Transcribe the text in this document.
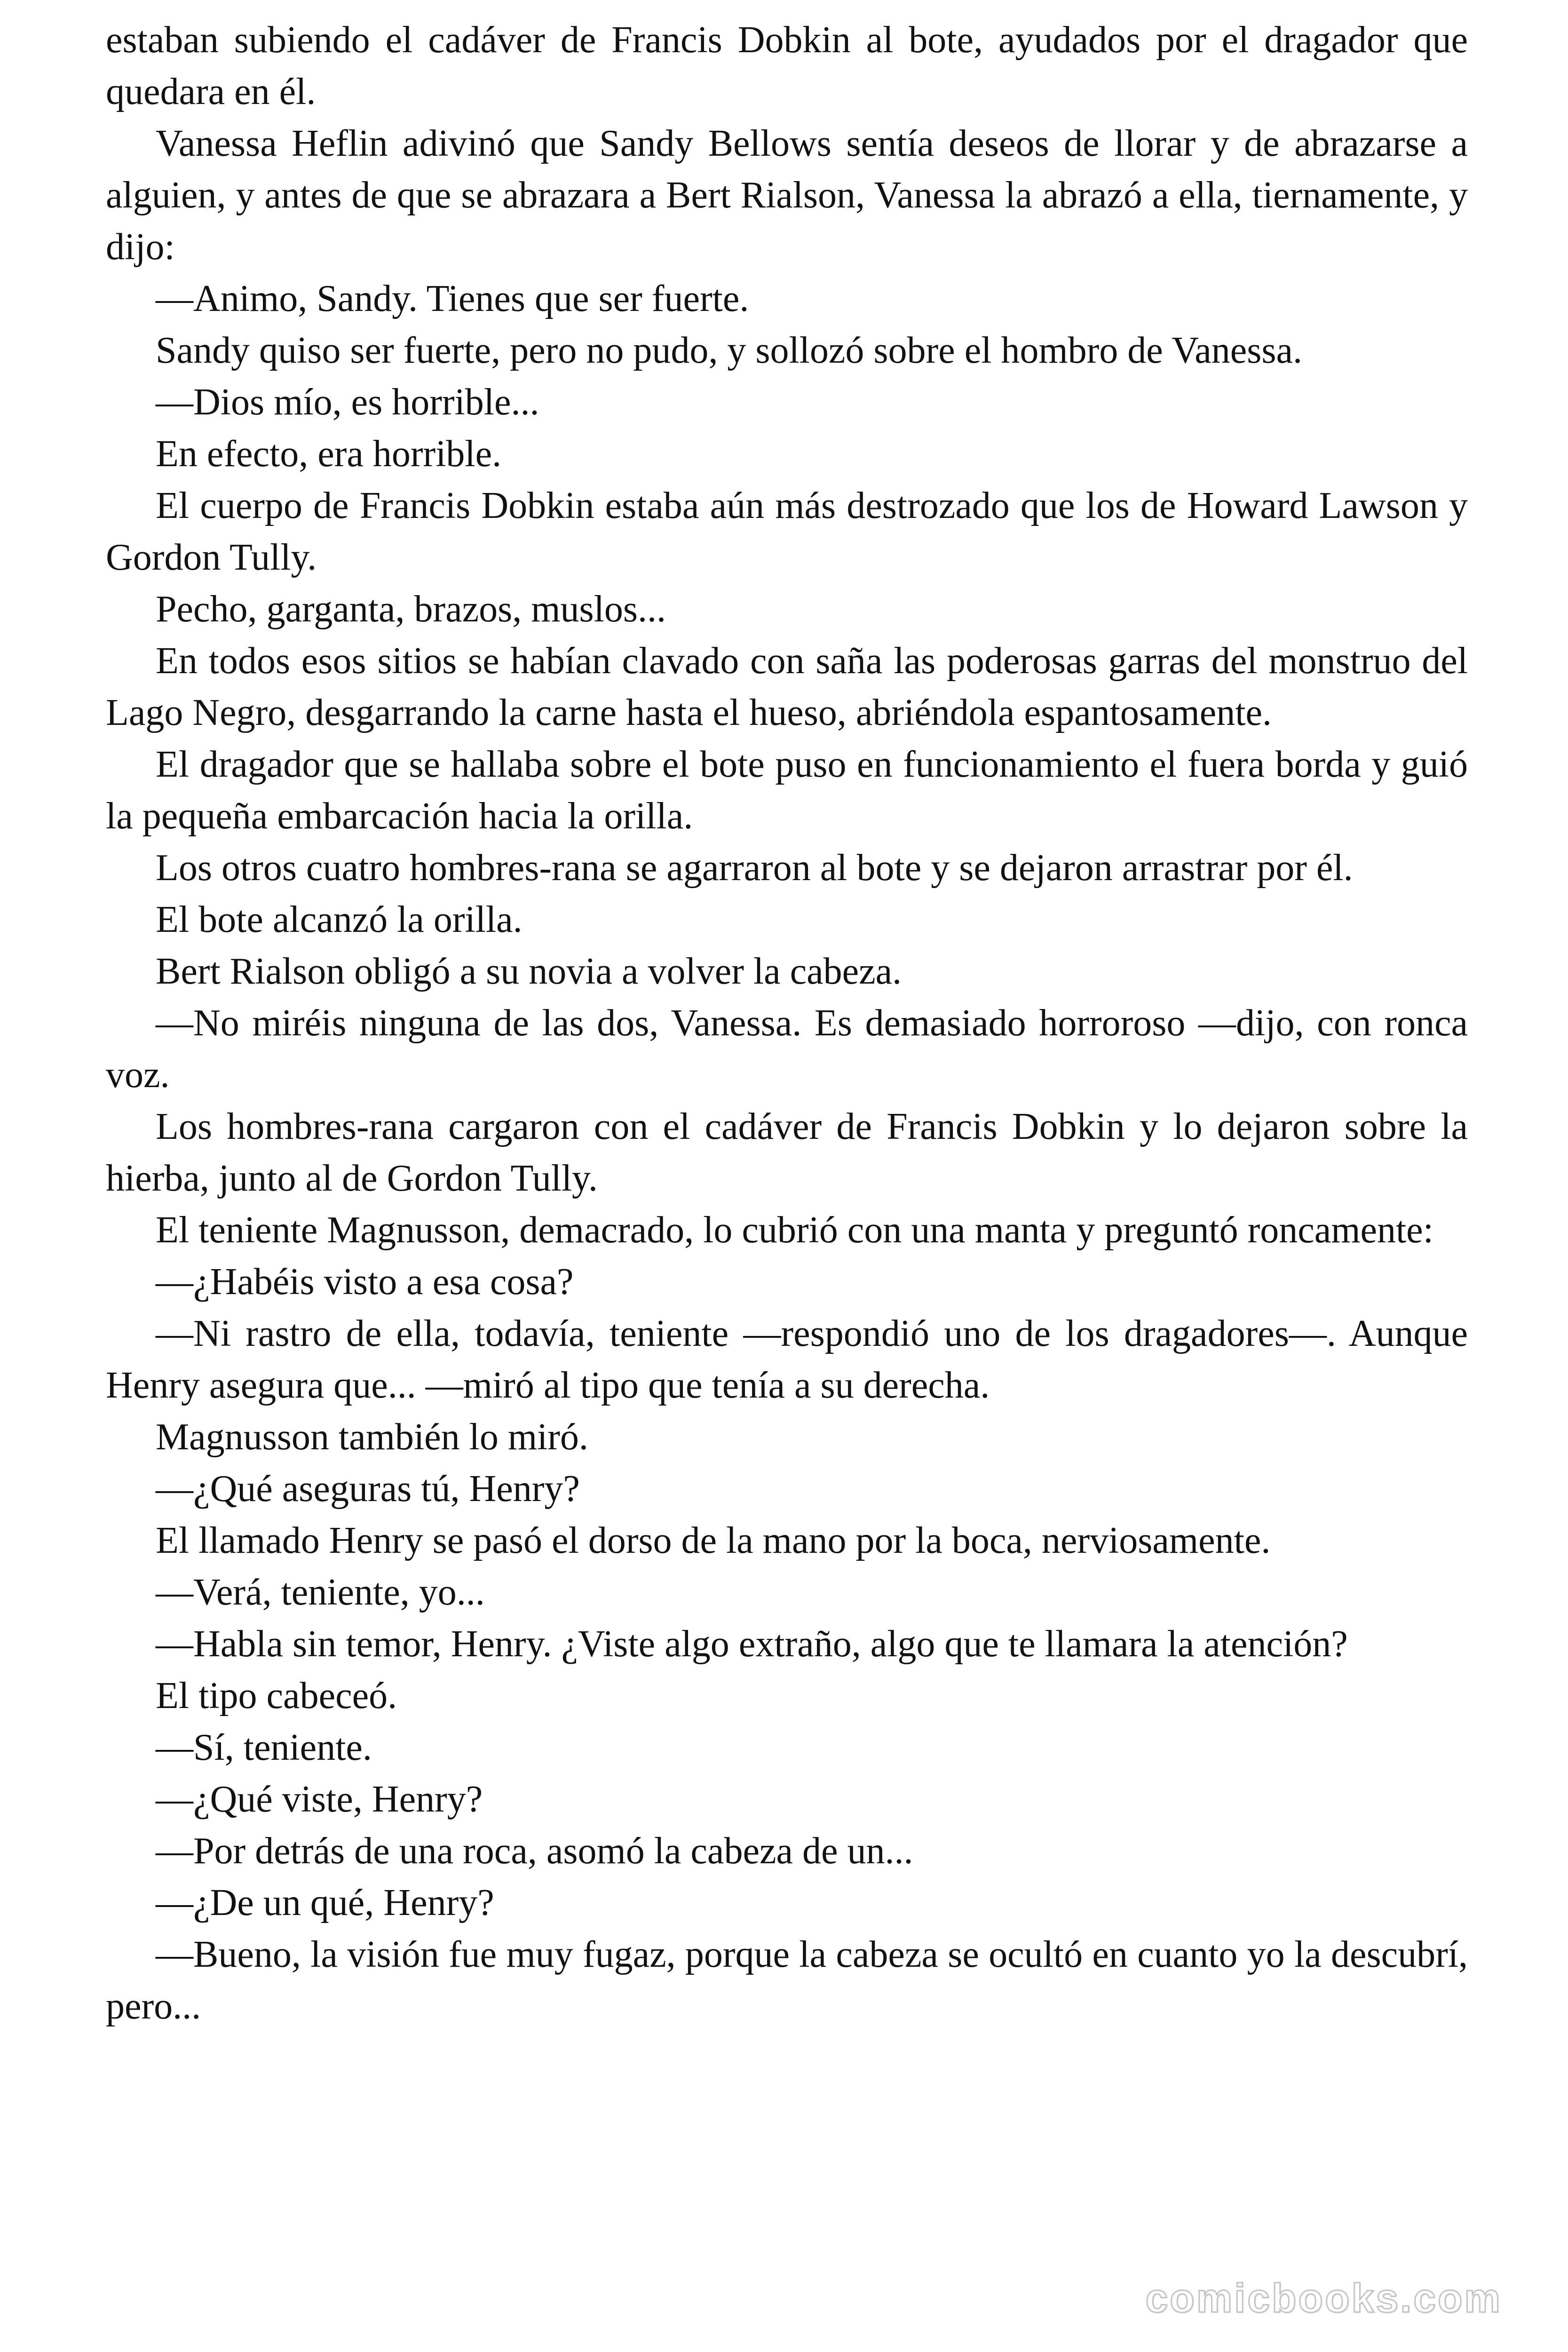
estaban subiendo el cadáver de Francis Dobkin al bote, ayudados por el dragador que quedara en él.

Vanessa Heflin adivinó que Sandy Bellows sentía deseos de llorar y de abrazarse a alguien, y antes de que se abrazara a Bert Rialson, Vanessa la abrazó a ella, tiernamente, y dijo:

—Animo, Sandy. Tienes que ser fuerte.

Sandy quiso ser fuerte, pero no pudo, y sollozó sobre el hombro de Vanessa.

—Dios mío, es horrible...

En efecto, era horrible.

El cuerpo de Francis Dobkin estaba aún más destrozado que los de Howard Lawson y Gordon Tully.

Pecho, garganta, brazos, muslos...

En todos esos sitios se habían clavado con saña las poderosas garras del monstruo del Lago Negro, desgarrando la carne hasta el hueso, abriéndola espantosamente.

El dragador que se hallaba sobre el bote puso en funcionamiento el fuera borda y guió la pequeña embarcación hacia la orilla.

Los otros cuatro hombres-rana se agarraron al bote y se dejaron arrastrar por él.

El bote alcanzó la orilla.

Bert Rialson obligó a su novia a volver la cabeza.

—No miréis ninguna de las dos, Vanessa. Es demasiado horroroso —dijo, con ronca voz.

Los hombres-rana cargaron con el cadáver de Francis Dobkin y lo dejaron sobre la hierba, junto al de Gordon Tully.

El teniente Magnusson, demacrado, lo cubrió con una manta y preguntó roncamente:

—¿Habéis visto a esa cosa?

—Ni rastro de ella, todavía, teniente —respondió uno de los dragadores—. Aunque Henry asegura que... —miró al tipo que tenía a su derecha.

Magnusson también lo miró.

—¿Qué aseguras tú, Henry?

El llamado Henry se pasó el dorso de la mano por la boca, nerviosamente.

—Verá, teniente, yo...

—Habla sin temor, Henry. ¿Viste algo extraño, algo que te llamara la atención?

El tipo cabeceó.

—Sí, teniente.

—¿Qué viste, Henry?

—Por detrás de una roca, asomó la cabeza de un...

—¿De un qué, Henry?

—Bueno, la visión fue muy fugaz, porque la cabeza se ocultó en cuanto yo la descubrí, pero...

comicbooks.com
